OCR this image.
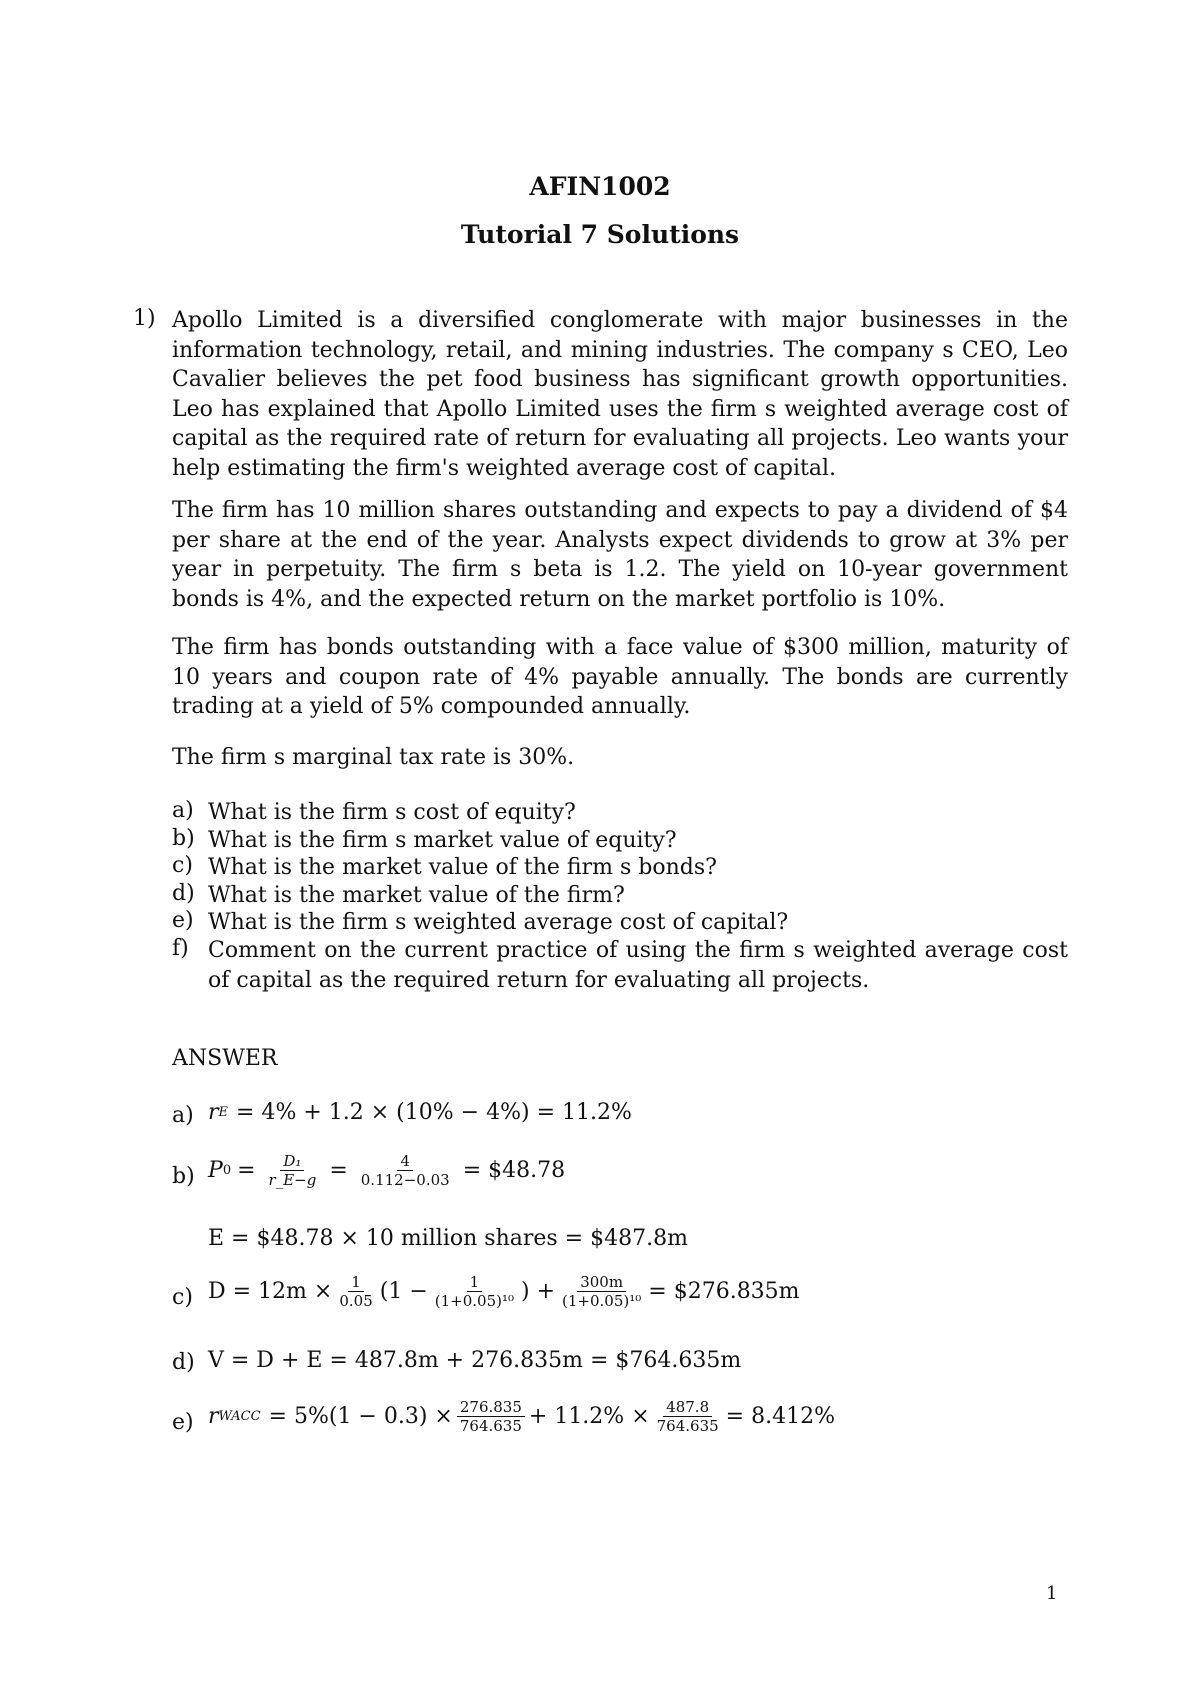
AFIN1002
Tutorial 7 Solutions
1) Apollo Limited is a diversified conglomerate with major businesses in the information technology, retail, and mining industries. The company s CEO, Leo Cavalier believes the pet food business has significant growth opportunities. Leo has explained that Apollo Limited uses the firm s weighted average cost of capital as the required rate of return for evaluating all projects. Leo wants your help estimating the firm's weighted average cost of capital.
The firm has 10 million shares outstanding and expects to pay a dividend of $4 per share at the end of the year. Analysts expect dividends to grow at 3% per year in perpetuity. The firm s beta is 1.2. The yield on 10-year government bonds is 4%, and the expected return on the market portfolio is 10%.
The firm has bonds outstanding with a face value of $300 million, maturity of 10 years and coupon rate of 4% payable annually. The bonds are currently trading at a yield of 5% compounded annually.
The firm s marginal tax rate is 30%.
a) What is the firm s cost of equity?
b) What is the firm s market value of equity?
c) What is the market value of the firm s bonds?
d) What is the market value of the firm?
e) What is the firm s weighted average cost of capital?
f) Comment on the current practice of using the firm s weighted average cost of capital as the required return for evaluating all projects.
ANSWER
a) r E = 4% + 1.2 × (10% − 4%) = 11.2%
b) P $0 = \frac{\text{D₁}}{r\_E-g} = \frac{4}{0.112-0.03}$ = $48.78
E = $48.78 × 10 million shares = $487.8m
c) $D = 12m \times \frac{1}{0.05} (1 - \frac{1}{\text{(1+0.05)¹⁰}}$ ) + $\frac{300m}{\text{(1+0.05)¹⁰}}$ = $276.835m
d) V = D + E = 487.8m + 276.835m = $764.635m
e) r WACC = $5\%(1 - 0.3) \times \frac{276.835}{764.635} + 11.2\% \times \frac{487.8}{764.635} = 8.412\%$
1
